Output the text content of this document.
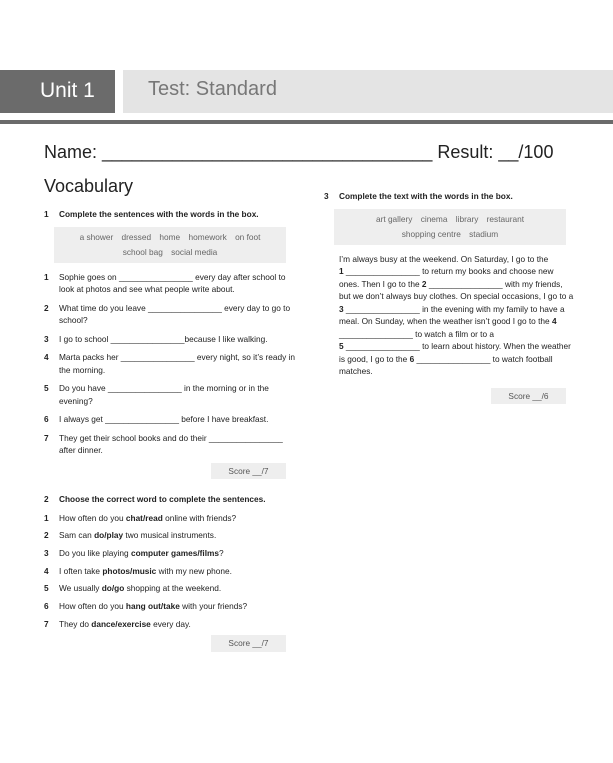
Unit 1	Test: Standard
Name: _________________________________ Result: __/100
Vocabulary
1	Complete the sentences with the words in the box.
a shower dressed home homework on foot
school bag social media
1	Sophie goes on ________________ every day after school to look at photos and see what people write about.
2	What time do you leave ________________ every day to go to school?
3	I go to school ________________because I like walking.
4	Marta packs her ________________ every night, so it’s ready in the morning.
5	Do you have ________________ in the morning or in the evening?
6	I always get ________________ before I have breakfast.
7	They get their school books and do their ________________ after dinner.
Score __/7
2	Choose the correct word to complete the sentences.
1	How often do you chat/read online with friends?
2	Sam can do/play two musical instruments.
3	Do you like playing computer games/films?
4	I often take photos/music with my new phone.
5	We usually do/go shopping at the weekend.
6	How often do you hang out/take with your friends?
7	They do dance/exercise every day.
Score __/7
3	Complete the text with the words in the box.
art gallery cinema library restaurant
shopping centre stadium
I’m always busy at the weekend. On Saturday, I go to the
1 ________________ to return my books and choose new ones. Then I go to the 2 ________________ with my friends, but we don’t always buy clothes. On special occasions, I go to a 3 ________________ in the evening with my family to have a meal. On Sunday, when the weather isn’t good I go to the 4 ________________ to watch a film or to a
5 ________________ to learn about history. When the weather is good, I go to the 6 ________________ to watch football matches.
Score __/6
